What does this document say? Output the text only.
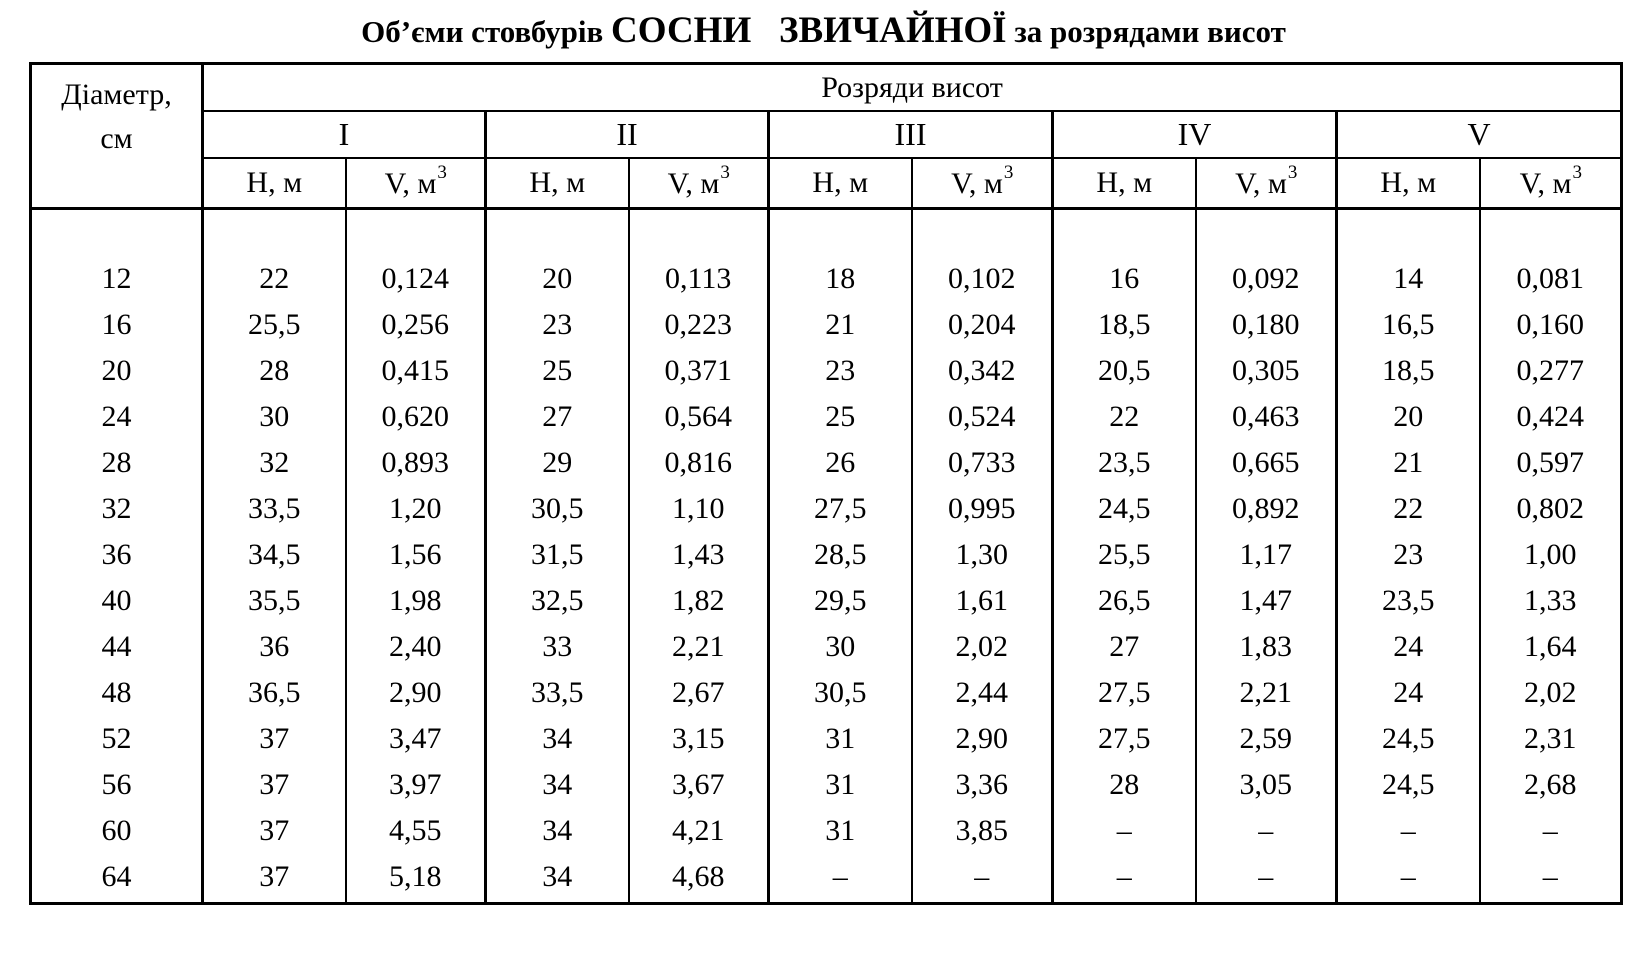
Об’єми стовбурів СОСНИ   ЗВИЧАЙНОЇ за розрядами висот
Діаметр,
см	Розряди висот									
	I		II		III		IV		V	
	Н, м	V, $м^3$	Н, м	V, $м^3$	Н, м	V, $м^3$	Н, м	V, $м^3$	Н, м	V, $м^3$

12	22	0,124	20	0,113	18	0,102	16	0,092	14	0,081
16	25,5	0,256	23	0,223	21	0,204	18,5	0,180	16,5	0,160
20	28	0,415	25	0,371	23	0,342	20,5	0,305	18,5	0,277
24	30	0,620	27	0,564	25	0,524	22	0,463	20	0,424
28	32	0,893	29	0,816	26	0,733	23,5	0,665	21	0,597
32	33,5	1,20	30,5	1,10	27,5	0,995	24,5	0,892	22	0,802
36	34,5	1,56	31,5	1,43	28,5	1,30	25,5	1,17	23	1,00
40	35,5	1,98	32,5	1,82	29,5	1,61	26,5	1,47	23,5	1,33
44	36	2,40	33	2,21	30	2,02	27	1,83	24	1,64
48	36,5	2,90	33,5	2,67	30,5	2,44	27,5	2,21	24	2,02
52	37	3,47	34	3,15	31	2,90	27,5	2,59	24,5	2,31
56	37	3,97	34	3,67	31	3,36	28	3,05	24,5	2,68
60	37	4,55	34	4,21	31	3,85	–	–	–	–
64	37	5,18	34	4,68	–	–	–	–	–	–
